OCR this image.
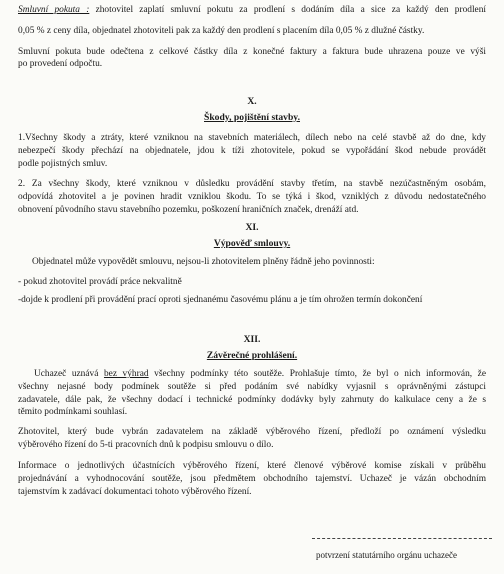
Smluvní pokuta : zhotovitel zaplatí smluvní pokutu za prodlení s dodáním díla a sice za každý den prodlení
0,05 % z ceny díla, objednatel zhotoviteli pak za každý den prodlení s placením díla 0,05 % z dlužné částky.
Smluvní pokuta bude odečtena z celkové částky díla z konečné faktury a faktura bude uhrazena pouze ve výši
po provedení odpočtu.
X.
Škody, pojištění stavby.
1.Všechny škody a ztráty, které vzniknou na stavebních materiálech, dílech nebo na celé stavbě až do dne, kdy
nebezpečí škody přechází na objednatele, jdou k tíži zhotovitele, pokud se vypořádání škod nebude provádět
podle pojistných smluv.
2. Za všechny škody, které vzniknou v důsledku provádění stavby třetím, na stavbě nezúčastněným osobám,
odpovídá zhotovitel a je povinen hradit vzniklou škodu. To se týká i škod, vzniklých z důvodu nedostatečného
obnovení původního stavu stavebního pozemku, poškození hraničních značek, drenáží atd.
XI.
Výpověď smlouvy.
Objednatel může vypovědět smlouvu, nejsou-li zhotovitelem plněny řádně jeho povinnosti:
- pokud zhotovitel provádí práce nekvalitně
-dojde k prodlení při provádění prací oproti sjednanému časovému plánu a je tím ohrožen termín dokončení
XII.
Závěrečné prohlášení.
Uchazeč uznává bez výhrad všechny podmínky této soutěže. Prohlašuje tímto, že byl o nich informován, že
všechny nejasné body podmínek soutěže si před podáním své nabídky vyjasnil s oprávněnými zástupci
zadavatele, dále pak, že všechny dodací i technické podmínky dodávky byly zahrnuty do kalkulace ceny a že s
těmito podmínkami souhlasí.
Zhotovitel, který bude vybrán zadavatelem na základě výběrového řízení, předloží po oznámení výsledku
výběrového řízení do 5-ti pracovních dnů k podpisu smlouvu o dílo.
Informace o jednotlivých účastnících výběrového řízení, které členové výběrové komise získali v průběhu
projednávání a vyhodnocování soutěže, jsou předmětem obchodního tajemství. Uchazeč je vázán obchodním
tajemstvím k zadávací dokumentaci tohoto výběrového řízení.
potvrzení statutárního orgánu uchazeče
